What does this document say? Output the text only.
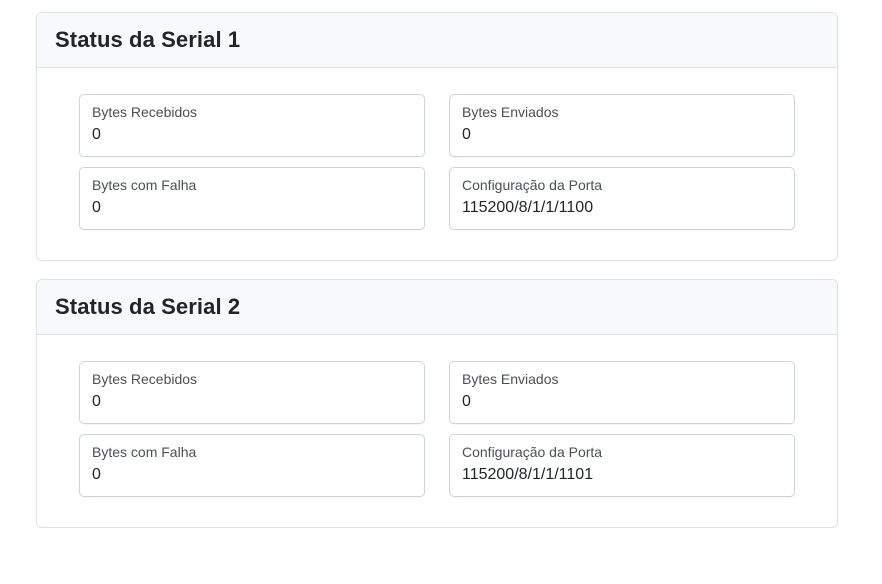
Status da Serial 1
Bytes Recebidos
0
Bytes Enviados
0
Bytes com Falha
0
Configuração da Porta
115200/8/1/1/1100
Status da Serial 2
Bytes Recebidos
0
Bytes Enviados
0
Bytes com Falha
0
Configuração da Porta
115200/8/1/1/1101
